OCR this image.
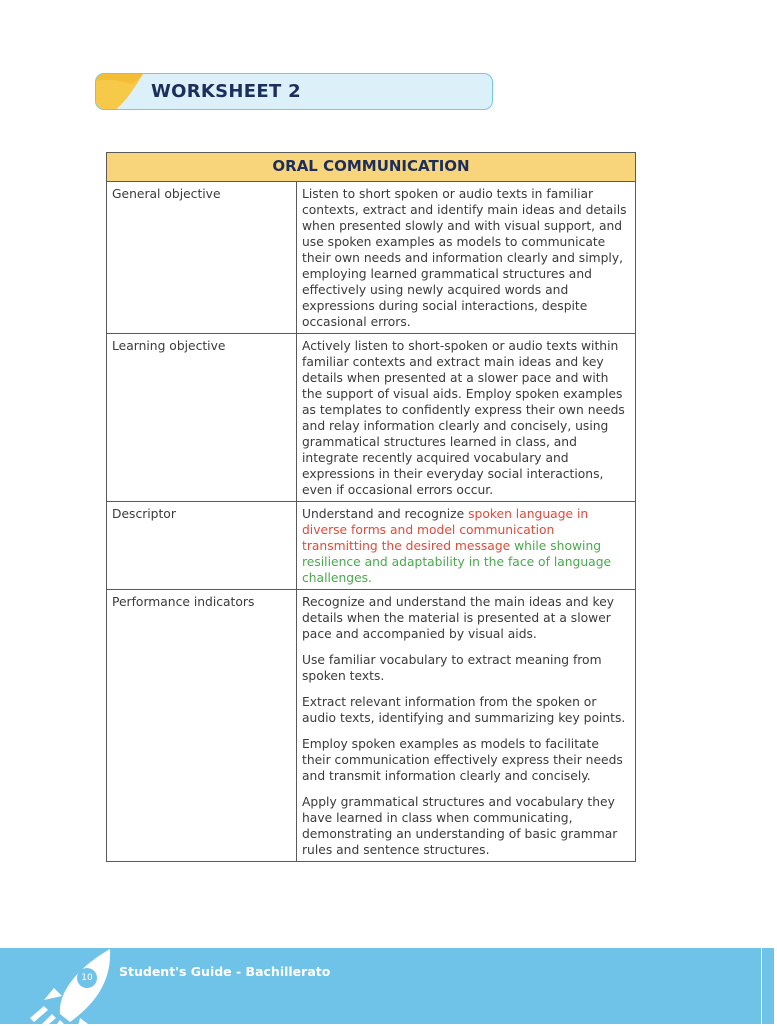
WORKSHEET 2
ORAL COMMUNICATION	
General objective	Listen to short spoken or audio texts in familiar contexts, extract and identify main ideas and details when presented slowly and with visual support, and use spoken examples as models to communicate their own needs and information clearly and simply, employing learned grammatical structures and effectively using newly acquired words and expressions during social interactions, despite occasional errors.
Learning objective	Actively listen to short-spoken or audio texts within familiar contexts and extract main ideas and key details when presented at a slower pace and with the support of visual aids. Employ spoken examples as templates to confidently express their own needs and relay information clearly and concisely, using grammatical structures learned in class, and integrate recently acquired vocabulary and expressions in their everyday social interactions, even if occasional errors occur.
Descriptor	Understand and recognize spoken language in diverse forms and model communication transmitting the desired message while showing resilience and adaptability in the face of language challenges.
Performance indicators	Recognize and understand the main ideas and key details when the material is presented at a slower pace and accompanied by visual aids.

Use familiar vocabulary to extract meaning from spoken texts.

Extract relevant information from the spoken or audio texts, identifying and summarizing key points.

Employ spoken examples as models to facilitate their communication effectively express their needs and transmit information clearly and concisely.

Apply grammatical structures and vocabulary they have learned in class when communicating, demonstrating an understanding of basic grammar rules and sentence structures.

10	Student's Guide - Bachillerato
